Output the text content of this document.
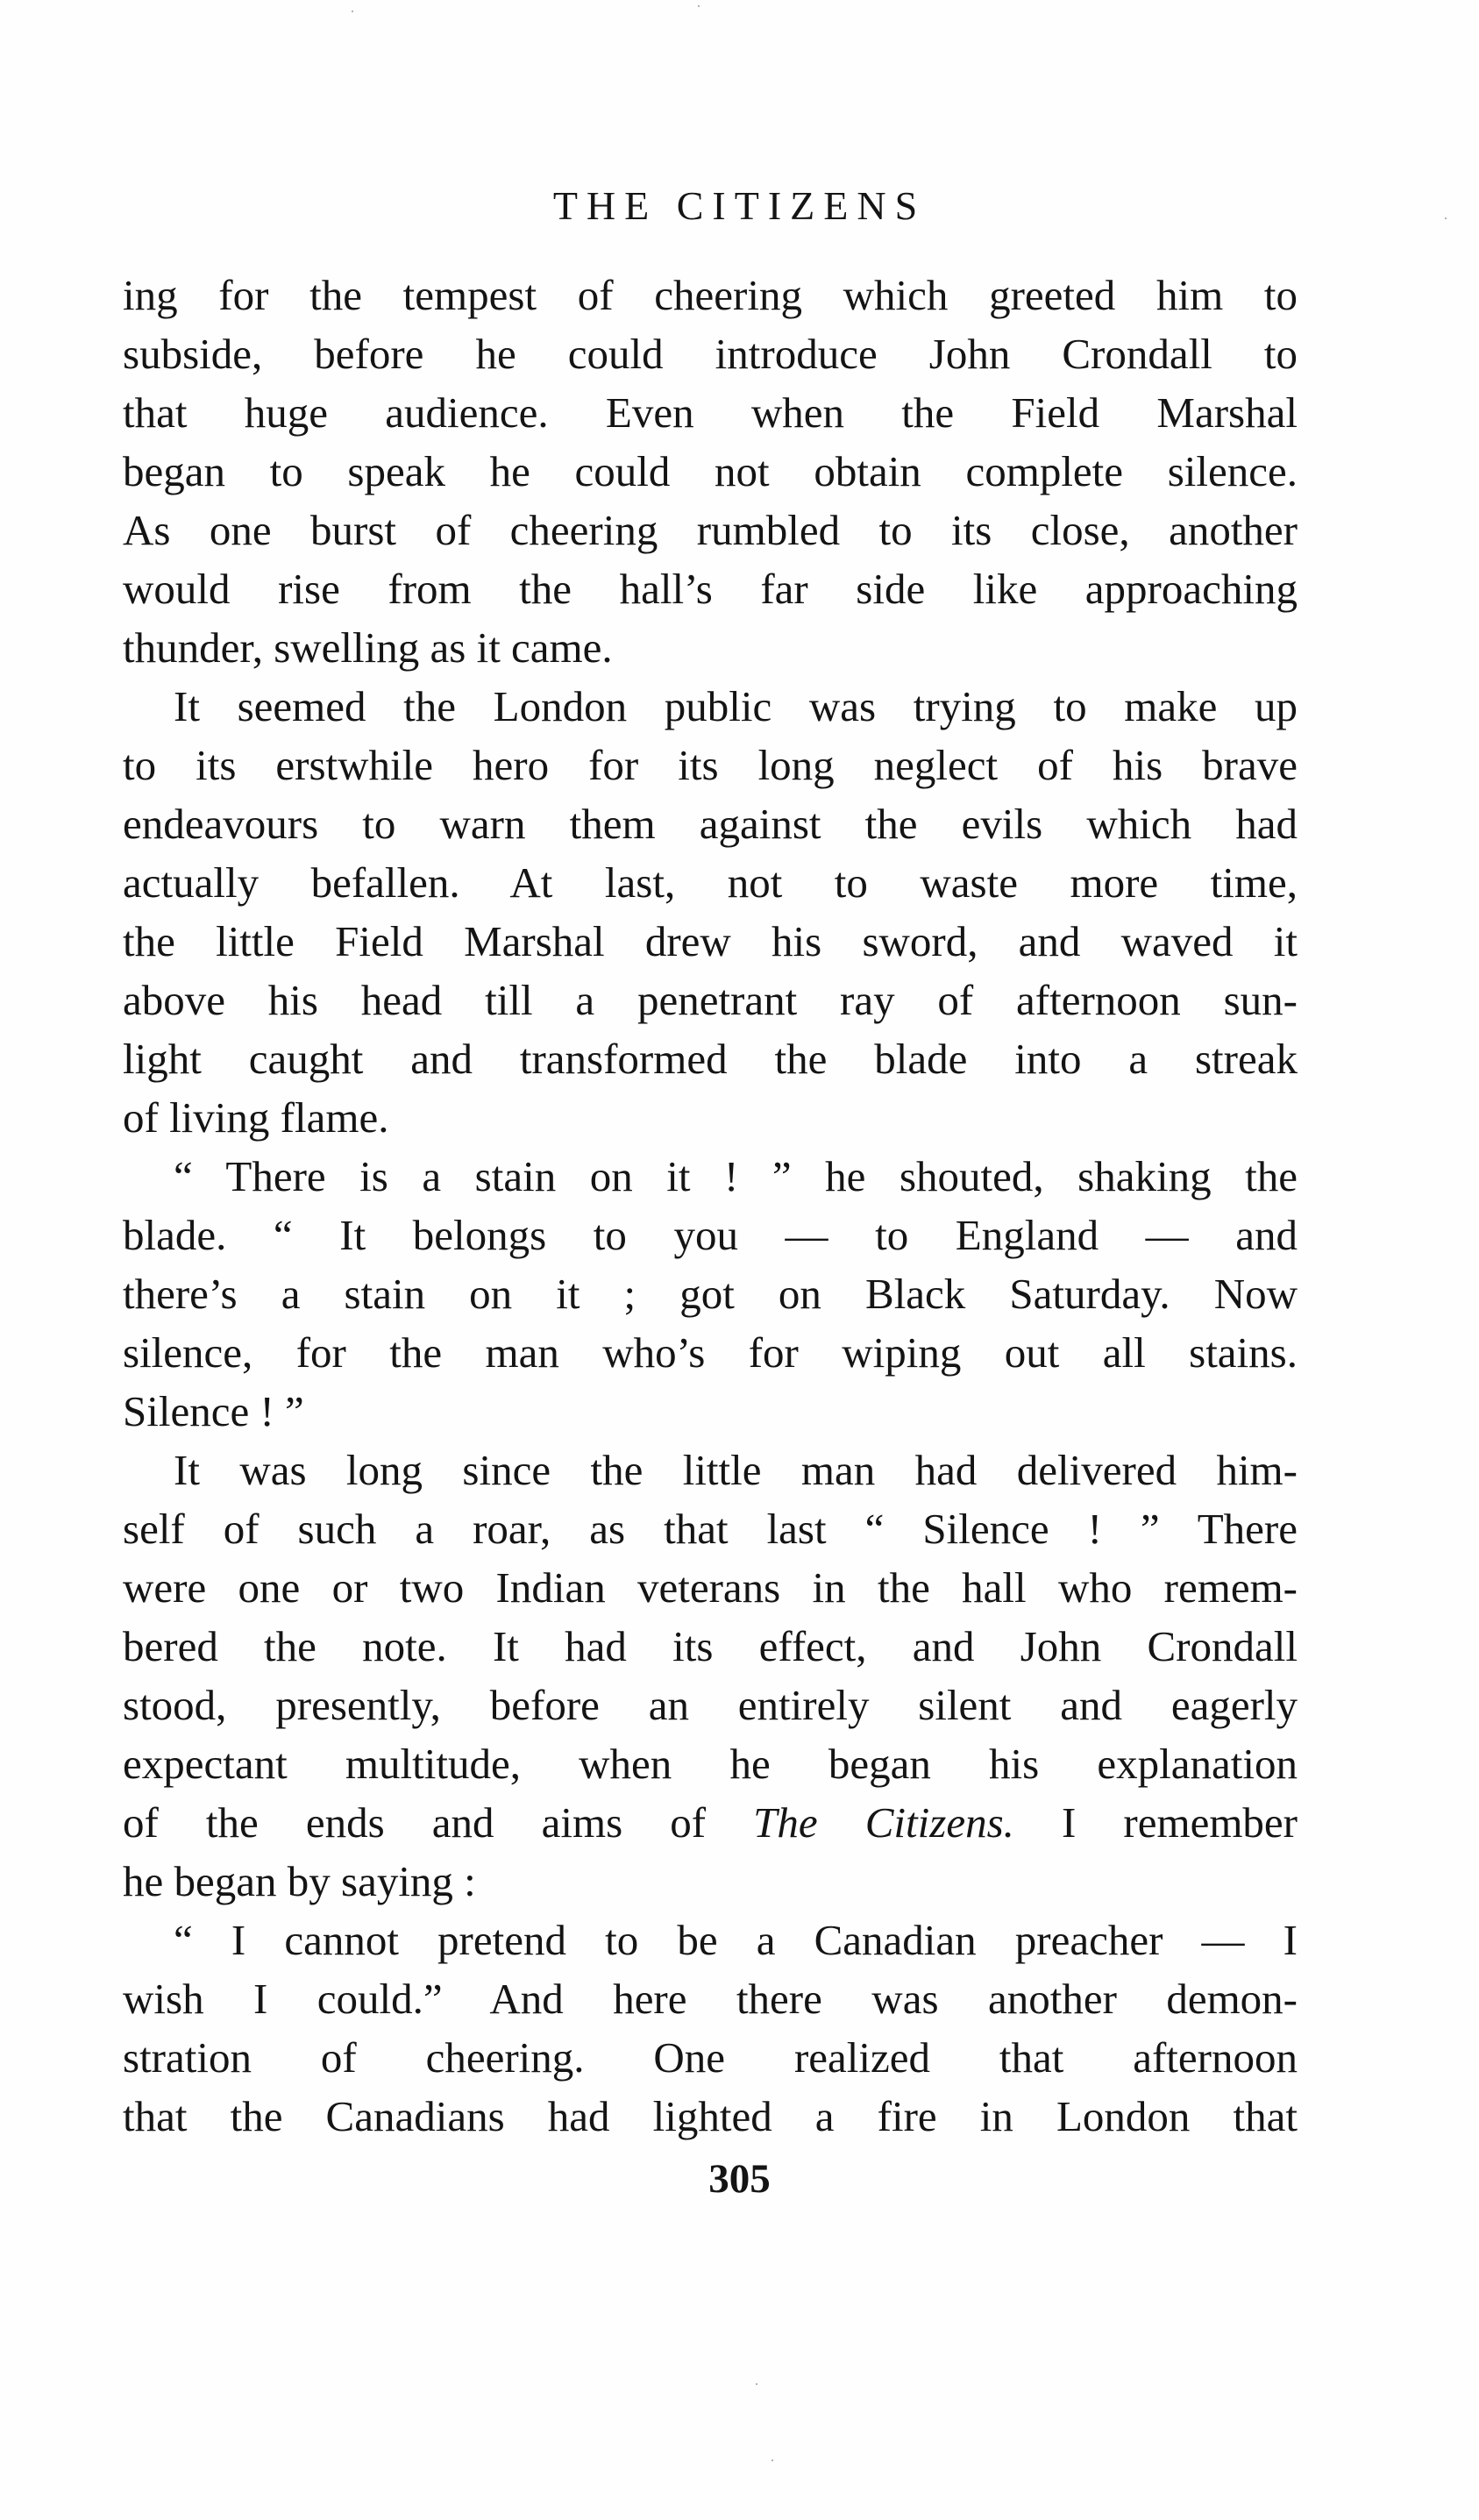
THE CITIZENS
ing for the tempest of cheering which greeted him to
subside, before he could introduce John Crondall to
that huge audience. Even when the Field Marshal
began to speak he could not obtain complete silence.
As one burst of cheering rumbled to its close, another
would rise from the hall’s far side like approaching
thunder, swelling as it came.
It seemed the London public was trying to make up
to its erstwhile hero for its long neglect of his brave
endeavours to warn them against the evils which had
actually befallen. At last, not to waste more time,
the little Field Marshal drew his sword, and waved it
above his head till a penetrant ray of afternoon sun-
light caught and transformed the blade into a streak
of living flame.
“ There is a stain on it ! ” he shouted, shaking the
blade. “ It belongs to you — to England — and
there’s a stain on it ; got on Black Saturday. Now
silence, for the man who’s for wiping out all stains.
Silence ! ”
It was long since the little man had delivered him-
self of such a roar, as that last “ Silence ! ” There
were one or two Indian veterans in the hall who remem-
bered the note. It had its effect, and John Crondall
stood, presently, before an entirely silent and eagerly
expectant multitude, when he began his explanation
of the ends and aims of The Citizens. I remember
he began by saying :
“ I cannot pretend to be a Canadian preacher — I
wish I could.” And here there was another demon-
stration of cheering. One realized that afternoon
that the Canadians had lighted a fire in London that
305
